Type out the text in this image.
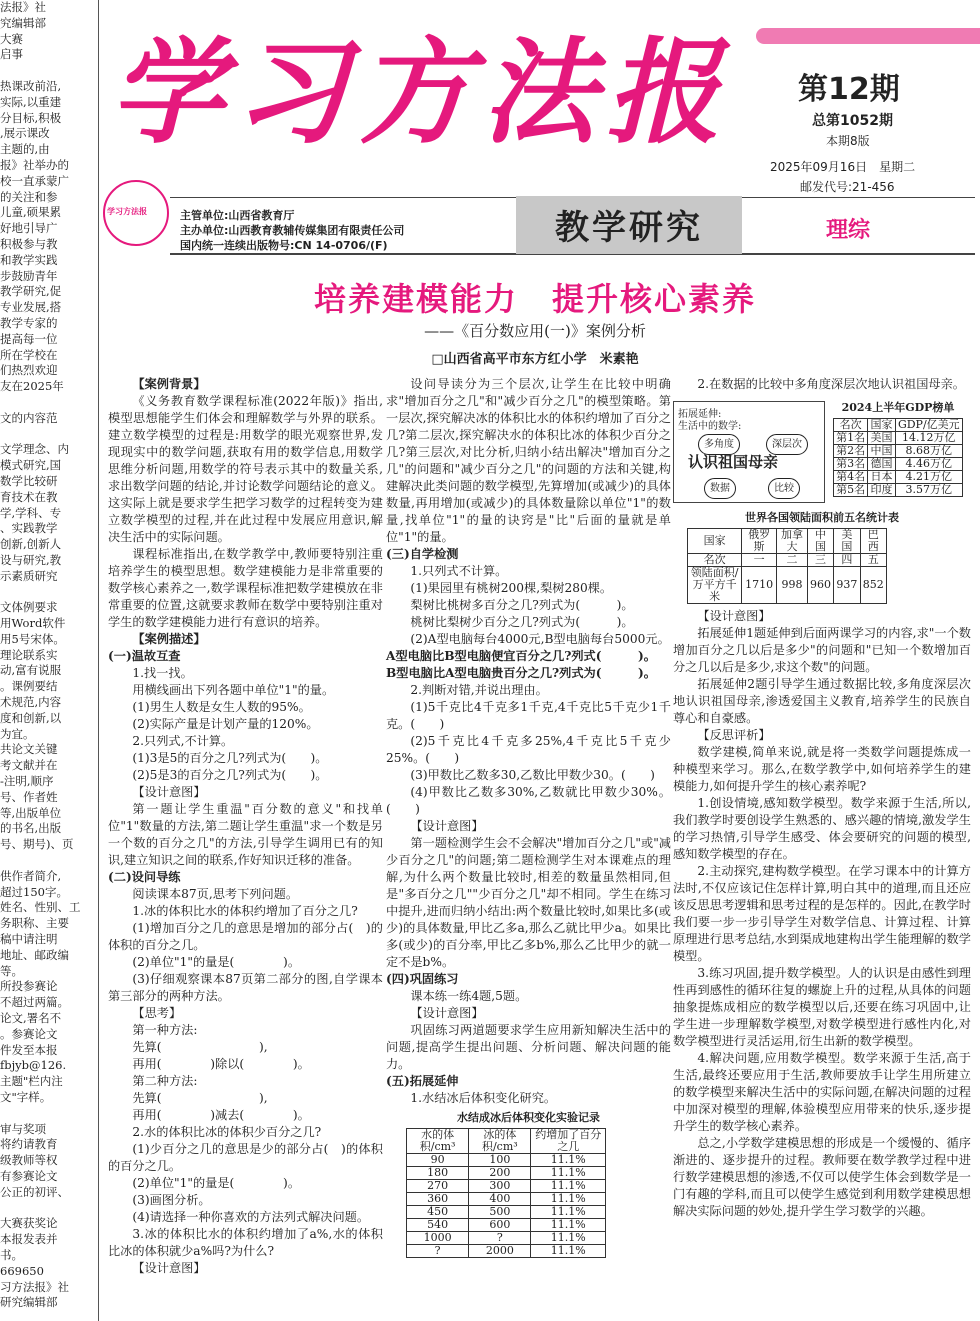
法报》社

究编辑部

大赛

启事

热课改前沿,

实际,以重建

分目标,积极

,展示课改

主题的,由

报》社举办的

校一直承蒙广

的关注和参

儿童,硕果累

好地引导广

积极参与教

和教学实践

步鼓励青年

教学研究,促

专业发展,搭

教学专家的

提高每一位

所在学校在

们热烈欢迎

友在2025年

文的内容范

文学理念、内

模式研究,国

数学比较研

育技术在教

学,学科、专

、实践教学

创新,创新人

设与研究,教

示素质研究

文体例要求

用Word软件

用5号宋体。

理论联系实

动,富有说服

。课例要结

术规范,内容

度和创新,以

为宜。

共论文关键

考文献并在

-注明,顺序

号、作者姓

等,出版单位

的书名,出版

号、期号)、页

供作者简介,

超过150字。

姓名、性别、工

务职称、主要

稿中请注明

地址、邮政编

等。

所投参赛论

不超过两篇。

论文,署名不

。参赛论文

件发至本报

fbjyb@126.

主题"栏内注

文"字样。

审与奖项

将约请教育

级教师等权

有参赛论文

公正的初评、

大赛获奖论

本报发表并

书。

669650

习方法报》社

研究编辑部

学习方法报 第12期
总第1052期
本期8版
2025年09月16日　星期二
邮发代号:21-456
学习方法报	教学研究	理综
主管单位:山西省教育厅
主办单位:山西教育教辅传媒集团有限责任公司
国内统一连续出版物号:CN 14-0706/(F)
培养建模能力　提升核心素养
——《百分数应用(一)》案例分析
□山西省高平市东方红小学　米素艳

【案例背景】

《义务教育数学课程标准(2022年版)》指出,模型思想能学生们体会和理解数学与外界的联系。建立数学模型的过程是:用数学的眼光观察世界,发现现实中的数学问题,获取有用的数学信息,用数学思维分析问题,用数学的符号表示其中的数量关系,求出数学问题的结论,并讨论数学问题结论的意义。这实际上就是要求学生把学习数学的过程转变为建立数学模型的过程,并在此过程中发展应用意识,解决生活中的实际问题。

课程标准指出,在数学教学中,教师要特别注重培养学生的模型思想。数学建模能力是非常重要的数学核心素养之一,数学课程标准把数学建模放在非常重要的位置,这就要求教师在数学中要特别注重对学生的数学建模能力进行有意识的培养。

【案例描述】

(一)温故互查

1.找一找。

用横线画出下列各题中单位"1"的量。

(1)男生人数是女生人数的95%。

(2)实际产量是计划产量的120%。

2.只列式,不计算。

(1)3是5的百分之几?列式为(　　)。

(2)5是3的百分之几?列式为(　　)。

【设计意图】

第一题让学生重温"百分数的意义"和找单位"1"数量的方法,第二题让学生重温"求一个数是另一个数的百分之几"的方法,引导学生调用已有的知识,建立知识之间的联系,作好知识迁移的准备。

(二)设问导练

阅读课本87页,思考下列问题。

1.冰的体积比水的体积约增加了百分之几?

(1)增加百分之几的意思是增加的部分占(　)的体积的百分之几。

(2)单位"1"的量是(　　　　)。

(3)仔细观察课本87页第二部分的图,自学课本第三部分的两种方法。

【思考】

第一种方法:

先算(　　　　　　　　),

再用(　　　　)除以(　　　　)。

第二种方法:

先算(　　　　　　　　),

再用(　　　　)减去(　　　　)。

2.水的体积比冰的体积少百分之几?

(1)少百分之几的意思是少的部分占(　)的体积的百分之几。

(2)单位"1"的量是(　　　　)。

(3)画图分析。

(4)请选择一种你喜欢的方法列式解决问题。

3.冰的体积比水的体积约增加了a%,水的体积比冰的体积就少a%吗?为什么?

【设计意图】

设问导读分为三个层次,让学生在比较中明确求"增加百分之几"和"减少百分之几"的模型策略。第一层次,探究解决冰的体积比水的体积约增加了百分之几?第二层次,探究解决水的体积比冰的体积少百分之几?第三层次,对比分析,归纳小结出解决"增加百分之几"的问题和"减少百分之几"的问题的方法和关键,构建解决此类问题的数学模型,先算增加(或减少)的具体数量,再用增加(或减少)的具体数量除以单位"1"的数量,找单位"1"的量的诀窍是"比"后面的量就是单位"1"的量。

(三)自学检测

1.只列式不计算。

(1)果园里有桃树200棵,梨树280棵。

梨树比桃树多百分之几?列式为(　　　)。

桃树比梨树少百分之几?列式为(　　　)。

(2)A型电脑每台4000元,B型电脑每台5000元。

A型电脑比B型电脑便宜百分之几?列式(　　　)。

B型电脑比A型电脑贵百分之几?列式为(　　　)。

2.判断对错,并说出理由。

(1)5千克比4千克多1千克,4千克比5千克少1千克。(　　)

(2)5千克比4千克多25%,4千克比5千克少25%。(　　)

(3)甲数比乙数多30,乙数比甲数少30。(　　)

(4)甲数比乙数多30%,乙数就比甲数少30%。(　　)

【设计意图】

第一题检测学生会不会解决"增加百分之几"或"减少百分之几"的问题;第二题检测学生对本课难点的理解,为什么两个数量比较时,相差的数量虽然相同,但是"多百分之几""少百分之几"却不相同。学生在练习中提升,进而归纳小结出:两个数量比较时,如果比多(或少)的具体数量,甲比乙多a,那么乙就比甲少a。如果比多(或少)的百分率,甲比乙多b%,那么乙比甲少的就一定不是b%。

(四)巩固练习

课本练一练4题,5题。

【设计意图】

巩固练习两道题要求学生应用新知解决生活中的问题,提高学生提出问题、分析问题、解决问题的能力。

(五)拓展延伸

1.水结冰后体积变化研究。

水结成冰后体积变化实验记录
水的体积/cm³	冰的体积/cm³	约增加了百分之几
90	100	11.1%
180	200	11.1%
270	300	11.1%
360	400	11.1%
450	500	11.1%
540	600	11.1%
1000	?	11.1%
?	2000	11.1%

2.在数据的比较中多角度深层次地认识祖国母亲。

拓展延伸:
生活中的数学:
多角度	深层次
认识祖国母亲
数据	比较
2024上半年GDP榜单
名次	国家	GDP/亿美元
第1名	美国	14.12万亿
第2名	中国	8.68万亿
第3名	德国	4.46万亿
第4名	日本	4.21万亿
第5名	印度	3.57万亿
世界各国领陆面积前五名统计表
国家	俄罗斯	加拿大	中国	美国	巴西
名次	一	二	三	四	五
领陆面积/万平方千米	1710	998	960	937	852

【设计意图】

拓展延伸1题延伸到后面两课学习的内容,求"一个数增加百分之几以后是多少"的问题和"已知一个数增加百分之几以后是多少,求这个数"的问题。

拓展延伸2题引导学生通过数据比较,多角度深层次地认识祖国母亲,渗透爱国主义教育,培养学生的民族自尊心和自豪感。

【反思评析】

数学建模,简单来说,就是将一类数学问题提炼成一种模型来学习。那么,在数学教学中,如何培养学生的建模能力,如何提升学生的核心素养呢?

1.创设情境,感知数学模型。数学来源于生活,所以,我们教学时要创设学生熟悉的、感兴趣的情境,激发学生的学习热情,引导学生感受、体会要研究的问题的模型,感知数学模型的存在。

2.主动探究,建构数学模型。在学习课本中的计算方法时,不仅应该记住怎样计算,明白其中的道理,而且还应该反思思考逻辑和思考过程的是怎样的。因此,在教学时我们要一步一步引导学生对数学信息、计算过程、计算原理进行思考总结,水到渠成地建构出学生能理解的数学模型。

3.练习巩固,提升数学模型。人的认识是由感性到理性再到感性的循环往复的螺旋上升的过程,从具体的问题抽象提炼成相应的数学模型以后,还要在练习巩固中,让学生进一步理解数学模型,对数学模型进行感性内化,对数学模型进行灵活运用,衍生出新的数学模型。

4.解决问题,应用数学模型。数学来源于生活,高于生活,最终还要应用于生活,教师要放手让学生用所建立的数学模型来解决生活中的实际问题,在解决问题的过程中加深对模型的理解,体验模型应用带来的快乐,逐步提升学生的数学核心素养。

总之,小学数学建模思想的形成是一个缓慢的、循序渐进的、逐步提升的过程。教师要在数学教学过程中进行数学建模思想的渗透,不仅可以使学生体会到数学是一门有趣的学科,而且可以使学生感觉到利用数学建模思想解决实际问题的妙处,提升学生学习数学的兴趣。
